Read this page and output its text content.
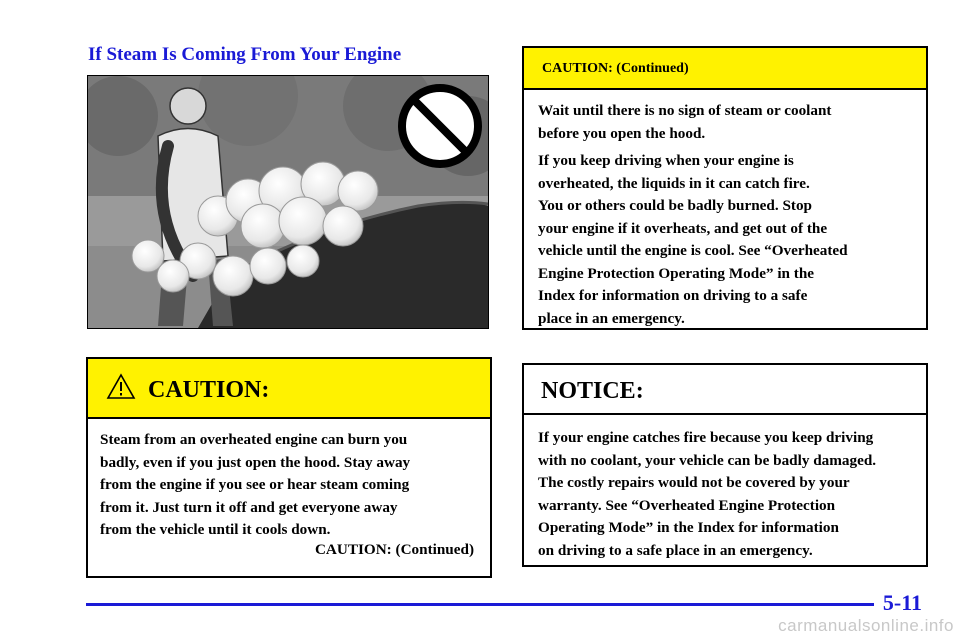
If Steam Is Coming From Your Engine
CAUTION:
Steam from an overheated engine can burn you
badly, even if you just open the hood. Stay away
from the engine if you see or hear steam coming
from it. Just turn it off and get everyone away
from the vehicle until it cools down.
CAUTION: (Continued)
CAUTION: (Continued)

Wait until there is no sign of steam or coolant
before you open the hood.

If you keep driving when your engine is
overheated, the liquids in it can catch fire.
You or others could be badly burned. Stop
your engine if it overheats, and get out of the
vehicle until the engine is cool. See “Overheated
Engine Protection Operating Mode” in the
Index for information on driving to a safe
place in an emergency.

NOTICE:
If your engine catches fire because you keep driving
with no coolant, your vehicle can be badly damaged.
The costly repairs would not be covered by your
warranty. See “Overheated Engine Protection
Operating Mode” in the Index for information
on driving to a safe place in an emergency.
5-11
carmanualsonline.info
